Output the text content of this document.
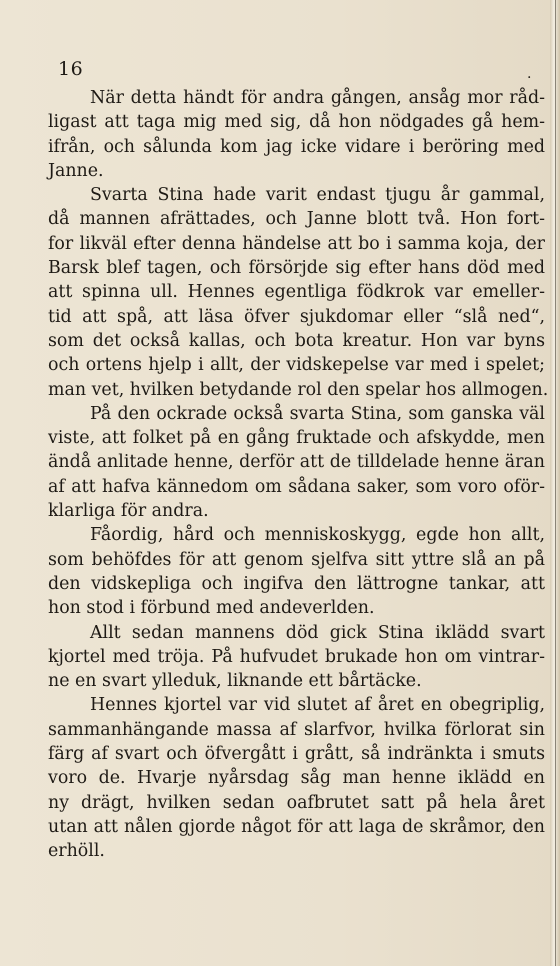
16	.
När detta händt för andra gången, ansåg mor råd-
ligast att taga mig med sig, då hon nödgades gå hem-
ifrån, och sålunda kom jag icke vidare i beröring med
Janne.
Svarta Stina hade varit endast tjugu år gammal,
då mannen afrättades, och Janne blott två. Hon fort-
for likväl efter denna händelse att bo i samma koja, der
Barsk blef tagen, och försörjde sig efter hans död med
att spinna ull. Hennes egentliga födkrok var emeller-
tid att spå, att läsa öfver sjukdomar eller “slå ned“,
som det också kallas, och bota kreatur. Hon var byns
och ortens hjelp i allt, der vidskepelse var med i spelet;
man vet, hvilken betydande rol den spelar hos allmogen.
På den ockrade också svarta Stina, som ganska väl
viste, att folket på en gång fruktade och afskydde, men
ändå anlitade henne, derför att de tilldelade henne äran
af att hafva kännedom om sådana saker, som voro oför-
klarliga för andra.
Fåordig, hård och menniskoskygg, egde hon allt,
som behöfdes för att genom sjelfva sitt yttre slå an på
den vidskepliga och ingifva den lättrogne tankar, att
hon stod i förbund med andeverlden.
Allt sedan mannens död gick Stina iklädd svart
kjortel med tröja. På hufvudet brukade hon om vintrar-
ne en svart ylleduk, liknande ett bårtäcke.
Hennes kjortel var vid slutet af året en obegriplig,
sammanhängande massa af slarfvor, hvilka förlorat sin
färg af svart och öfvergått i grått, så indränkta i smuts
voro de. Hvarje nyårsdag såg man henne iklädd en
ny drägt, hvilken sedan oafbrutet satt på hela året
utan att nålen gjorde något för att laga de skråmor, den
erhöll.
